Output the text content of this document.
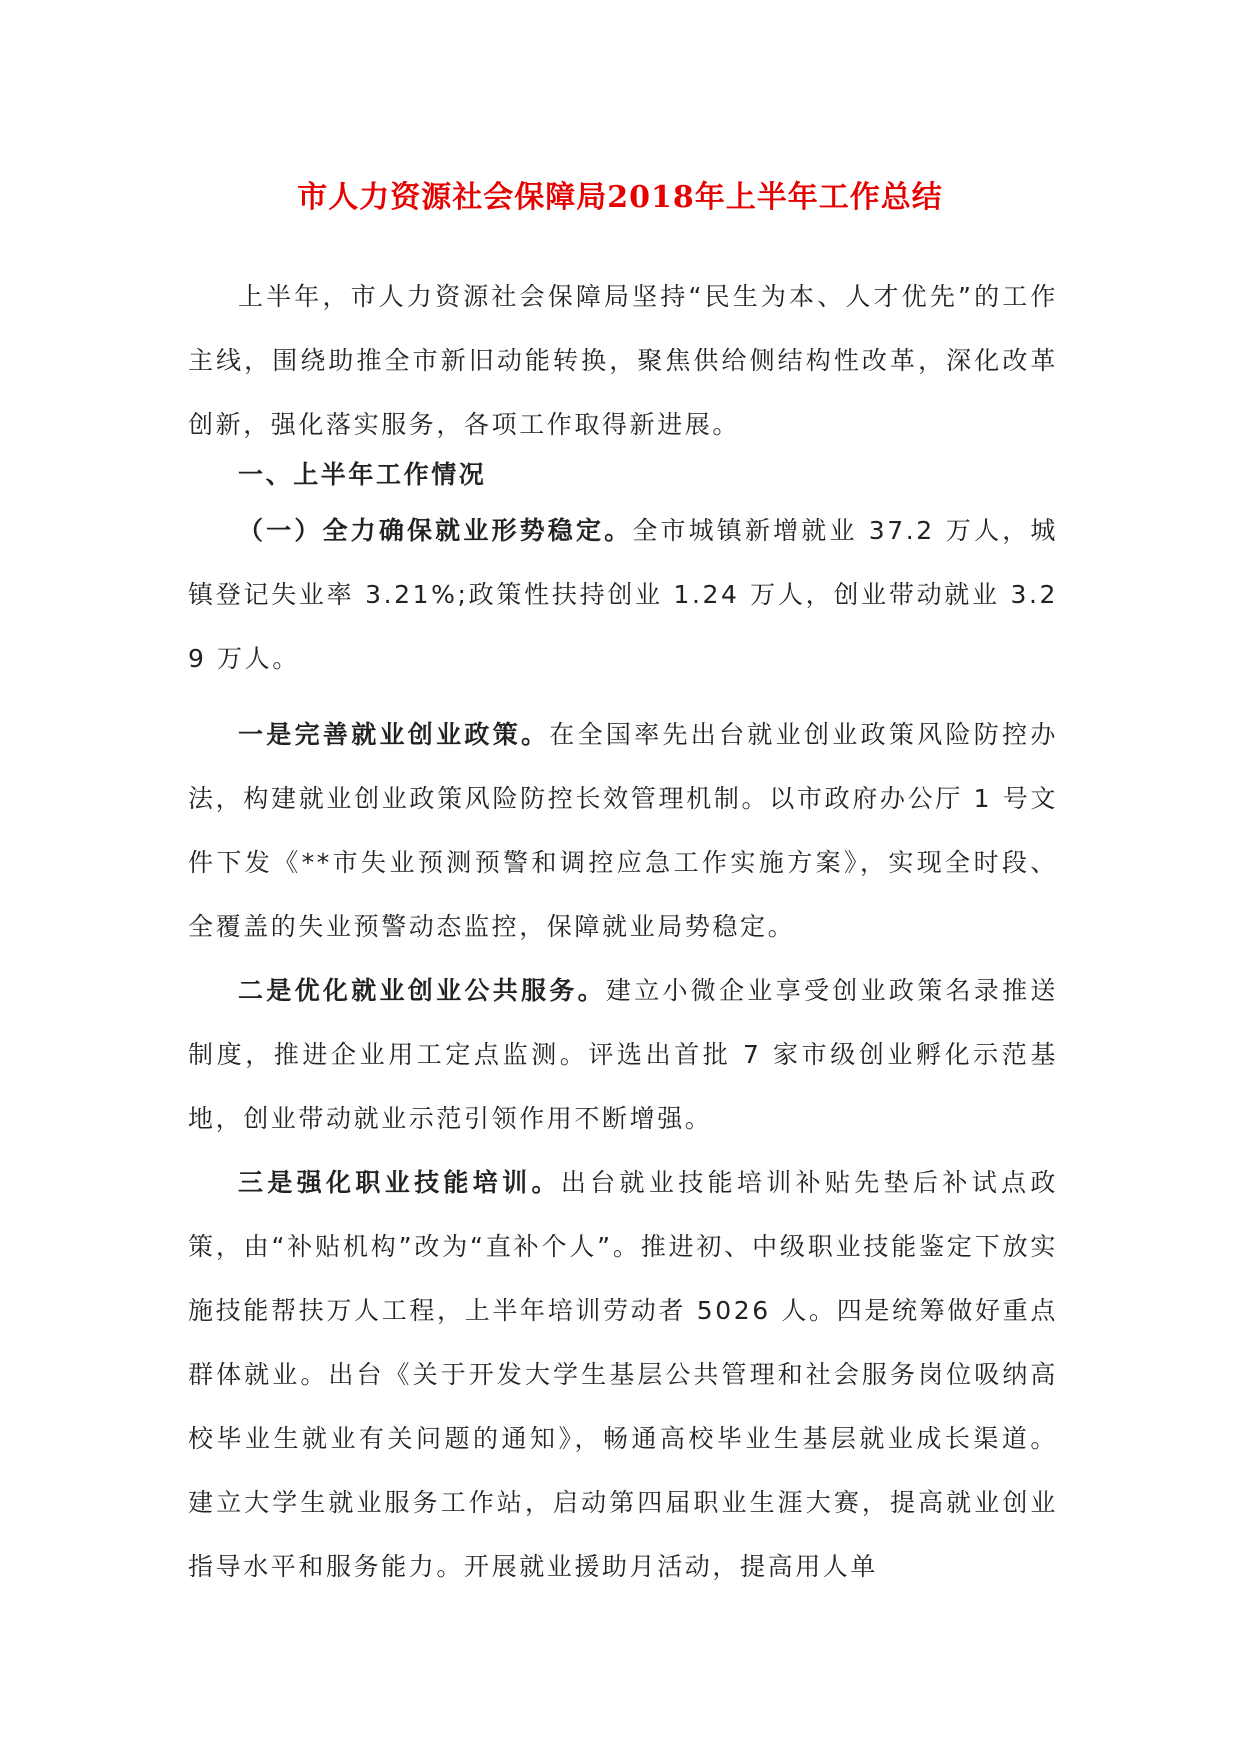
市人力资源社会保障局2018年上半年工作总结

上半年，市人力资源社会保障局坚持“民生为本、人才优先”的工作主线，围绕助推全市新旧动能转换，聚焦供给侧结构性改革，深化改革创新，强化落实服务，各项工作取得新进展。

一、上半年工作情况

（一）全力确保就业形势稳定。全市城镇新增就业 37.2 万人，城镇登记失业率 3.21%;政策性扶持创业 1.24 万人，创业带动就业 3.29 万人。

一是完善就业创业政策。在全国率先出台就业创业政策风险防控办法，构建就业创业政策风险防控长效管理机制。以市政府办公厅 1 号文件下发《**市失业预测预警和调控应急工作实施方案》，实现全时段、全覆盖的失业预警动态监控，保障就业局势稳定。

二是优化就业创业公共服务。建立小微企业享受创业政策名录推送制度，推进企业用工定点监测。评选出首批 7 家市级创业孵化示范基地，创业带动就业示范引领作用不断增强。

三是强化职业技能培训。出台就业技能培训补贴先垫后补试点政策，由“补贴机构”改为“直补个人”。推进初、中级职业技能鉴定下放实施技能帮扶万人工程，上半年培训劳动者 5026 人。四是统筹做好重点群体就业。出台《关于开发大学生基层公共管理和社会服务岗位吸纳高校毕业生就业有关问题的通知》，畅通高校毕业生基层就业成长渠道。建立大学生就业服务工作站，启动第四届职业生涯大赛，提高就业创业指导水平和服务能力。开展就业援助月活动，提高用人单
